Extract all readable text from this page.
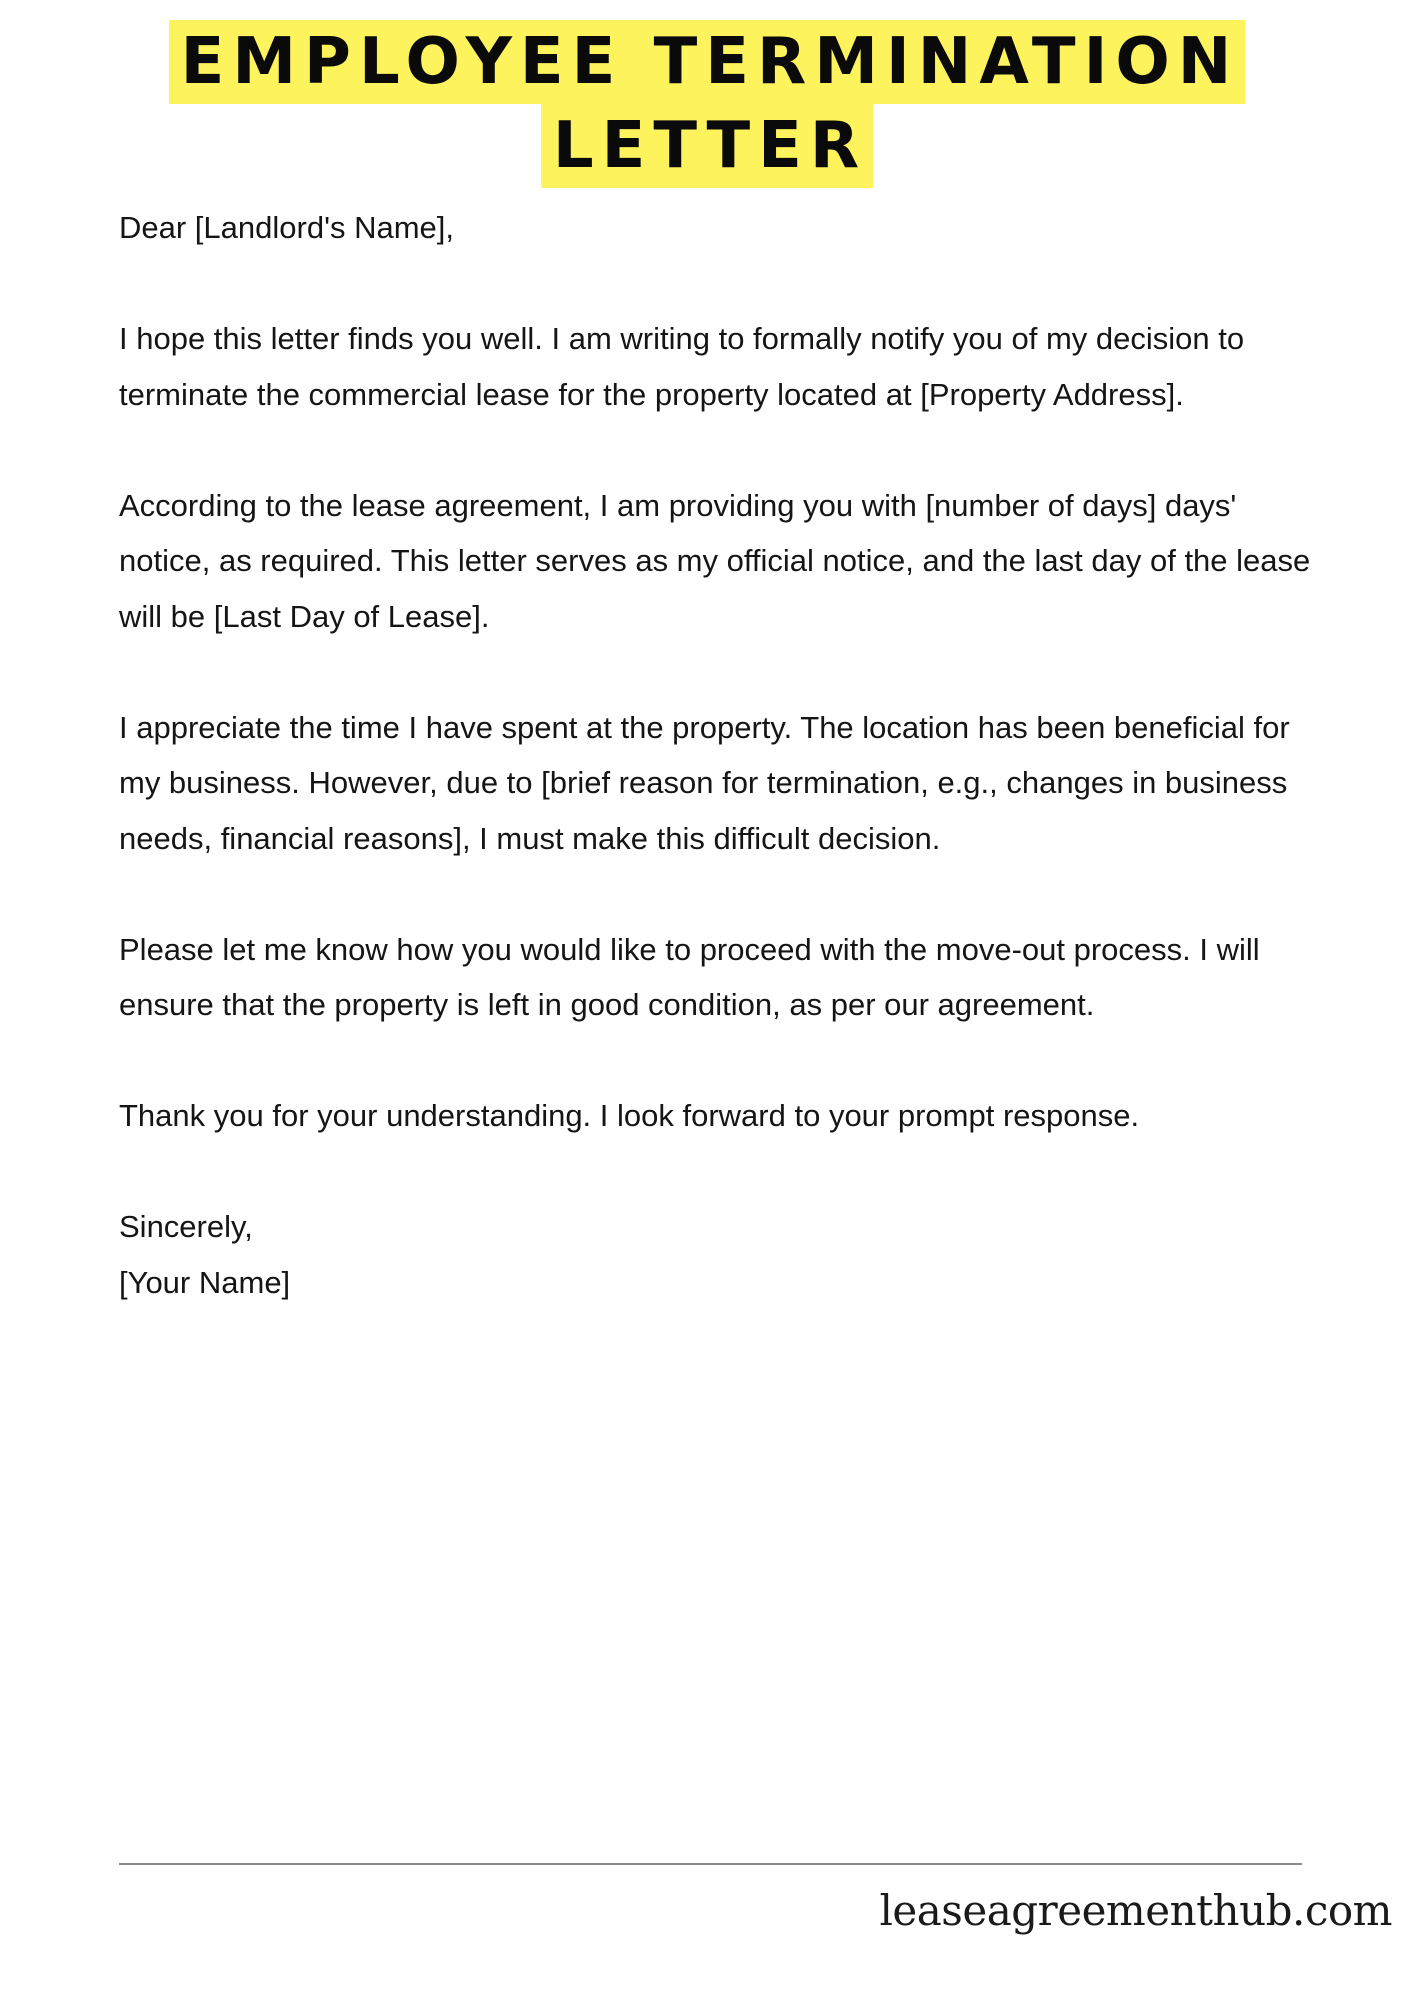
EMPLOYEE TERMINATION
LETTER

Dear [Landlord's Name],

I hope this letter finds you well. I am writing to formally notify you of my decision to terminate the commercial lease for the property located at [Property Address].

According to the lease agreement, I am providing you with [number of days] days' notice, as required. This letter serves as my official notice, and the last day of the lease will be [Last Day of Lease].

I appreciate the time I have spent at the property. The location has been beneficial for my business. However, due to [brief reason for termination, e.g., changes in business needs, financial reasons], I must make this difficult decision.

Please let me know how you would like to proceed with the move-out process. I will ensure that the property is left in good condition, as per our agreement.

Thank you for your understanding. I look forward to your prompt response.

Sincerely,
[Your Name]
leaseagreementhub.com
